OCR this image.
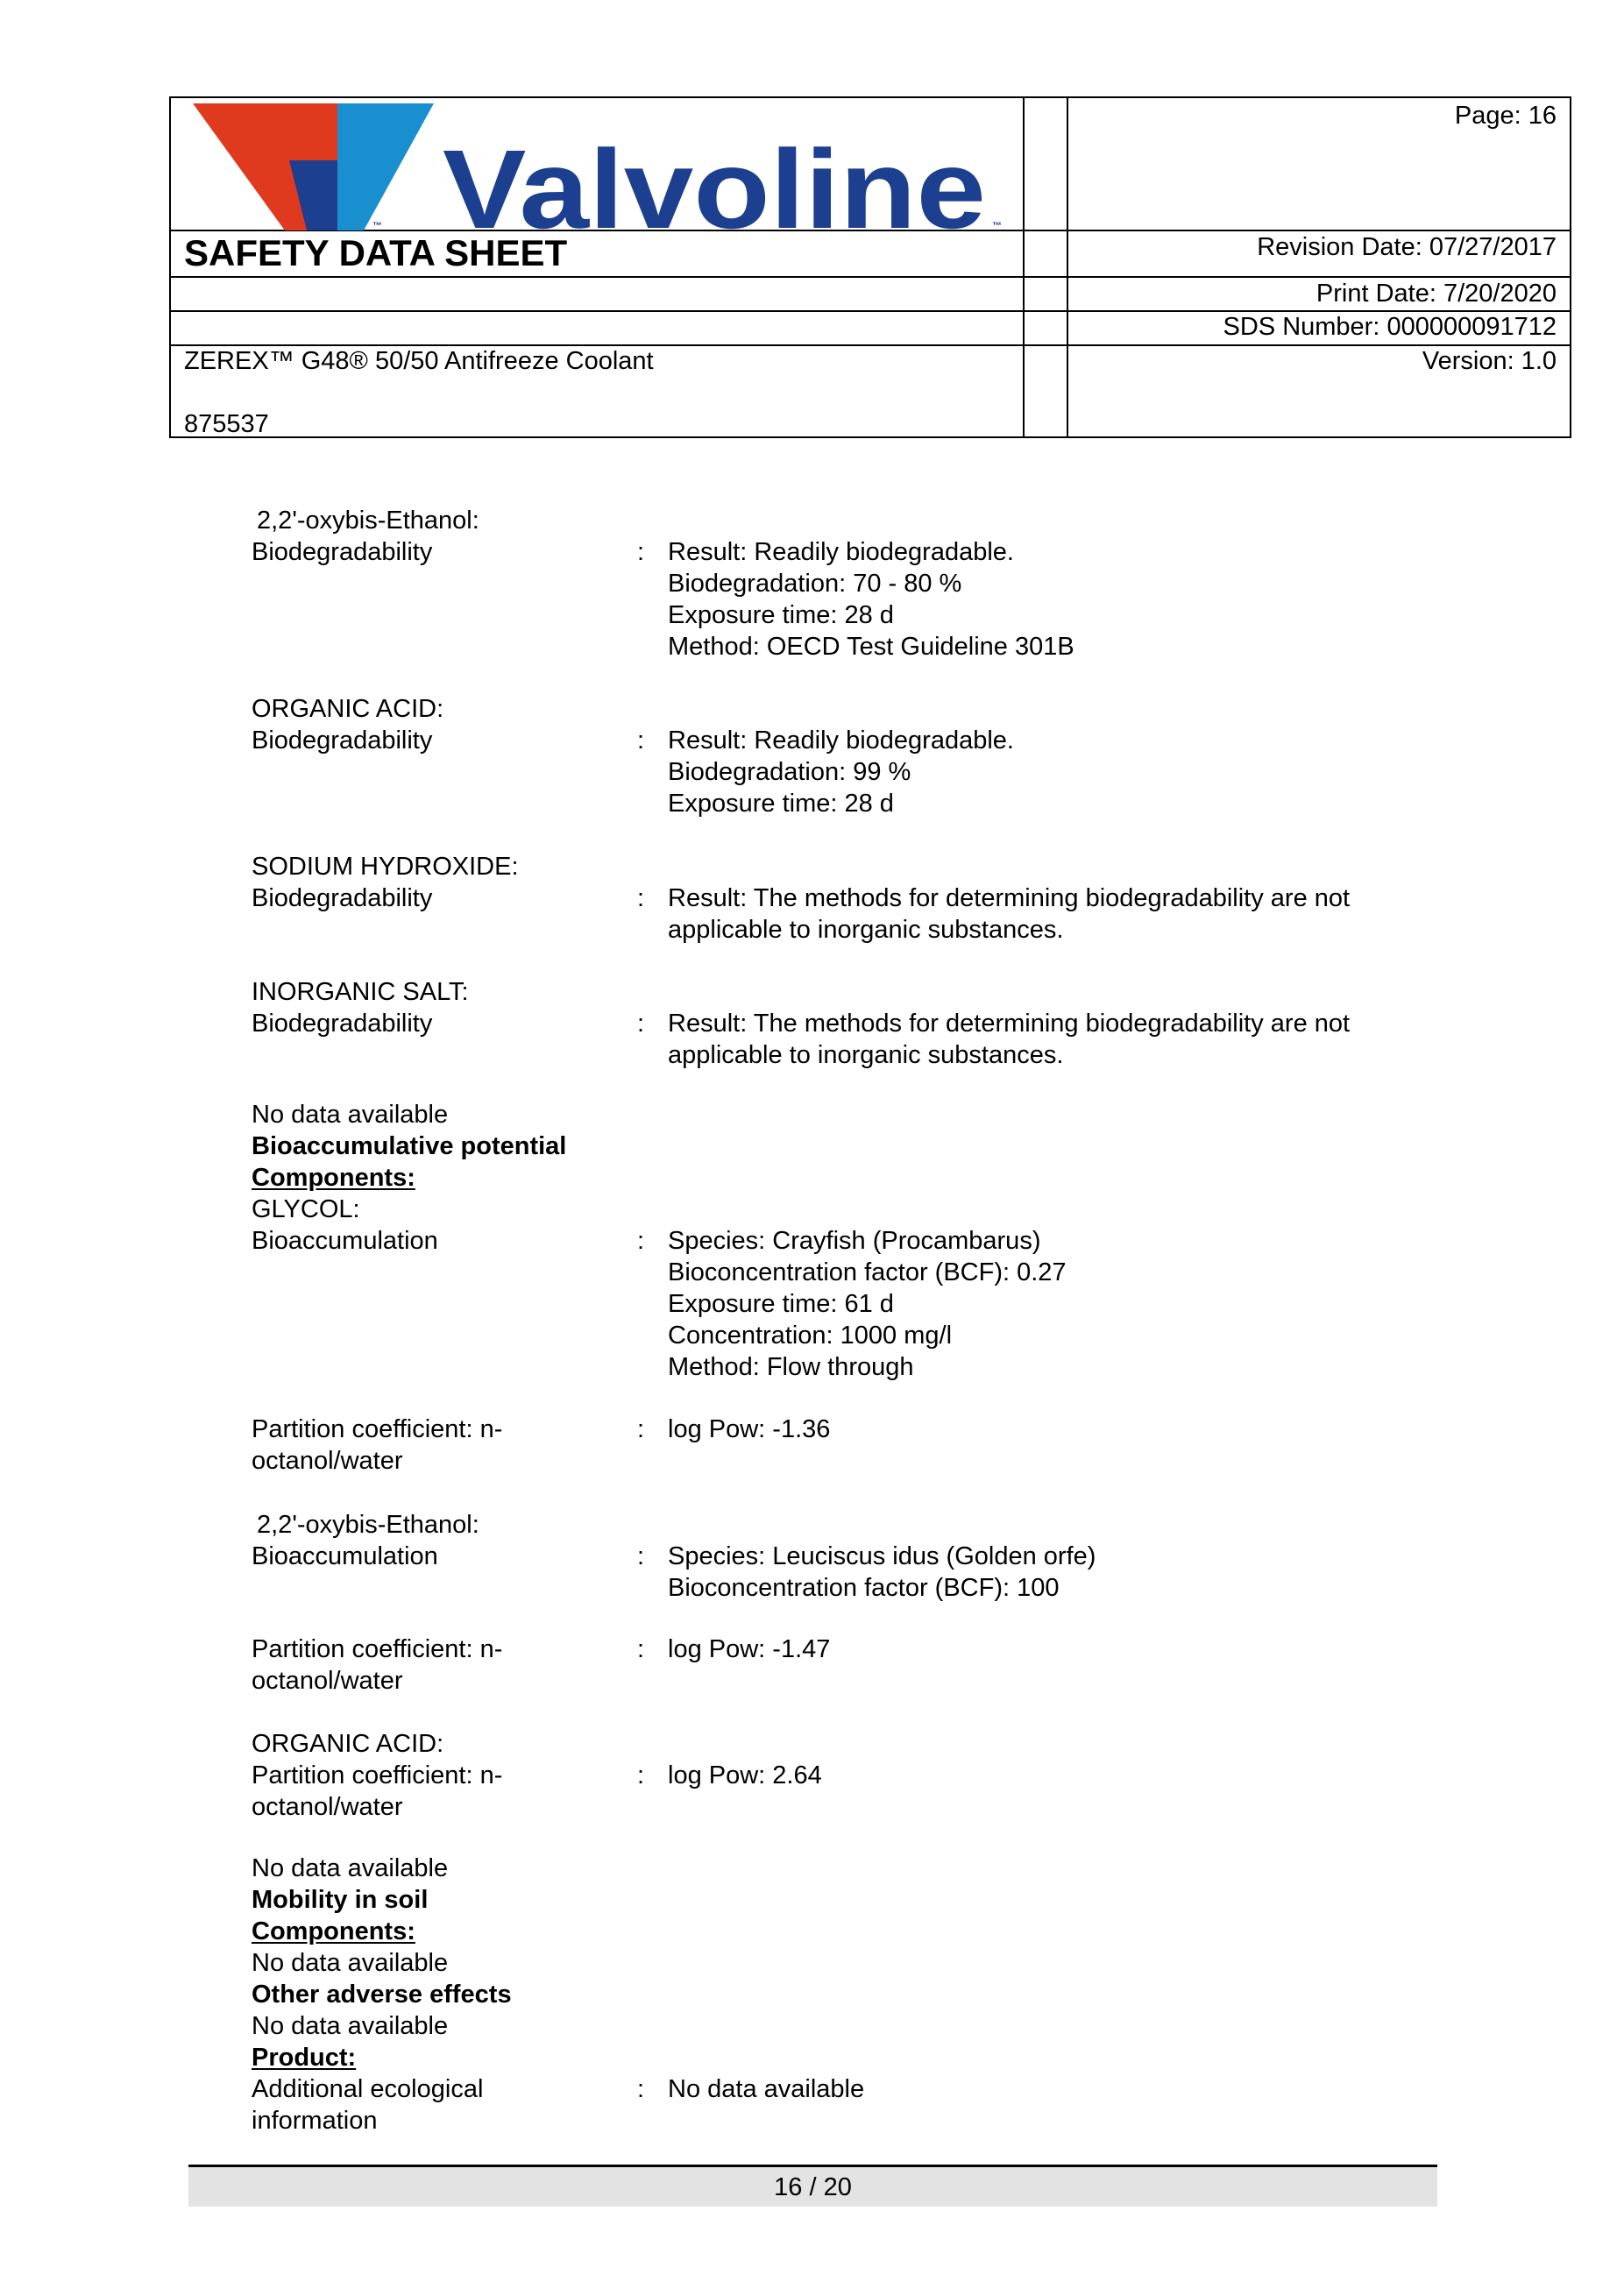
Valvoline ™
™
SAFETY DATA SHEET
Page: 16
Revision Date: 07/27/2017
Print Date: 7/20/2020
SDS Number: 000000091712
Version: 1.0
ZEREX™ G48® 50/50 Antifreeze Coolant
875537
2,2'-oxybis-Ethanol:
Biodegradability	: Result: Readily biodegradable.
Biodegradation: 70 - 80 %
Exposure time: 28 d
Method: OECD Test Guideline 301B
ORGANIC ACID:
Biodegradability	: Result: Readily biodegradable.
Biodegradation: 99 %
Exposure time: 28 d
SODIUM HYDROXIDE:
Biodegradability	: Result: The methods for determining biodegradability are not
applicable to inorganic substances.
INORGANIC SALT:
Biodegradability	: Result: The methods for determining biodegradability are not
applicable to inorganic substances.
No data available
Bioaccumulative potential
Components:
GLYCOL:
Bioaccumulation	: Species: Crayfish (Procambarus)
Bioconcentration factor (BCF): 0.27
Exposure time: 61 d
Concentration: 1000 mg/l
Method: Flow through
Partition coefficient: n-
octanol/water
: log Pow: -1.36
2,2'-oxybis-Ethanol:
Bioaccumulation	: Species: Leuciscus idus (Golden orfe)
Bioconcentration factor (BCF): 100
Partition coefficient: n-
octanol/water
: log Pow: -1.47
ORGANIC ACID:
Partition coefficient: n-
octanol/water
: log Pow: 2.64
No data available
Mobility in soil
Components:
No data available
Other adverse effects
No data available
Product:
Additional ecological
information
: No data available
16 / 20
